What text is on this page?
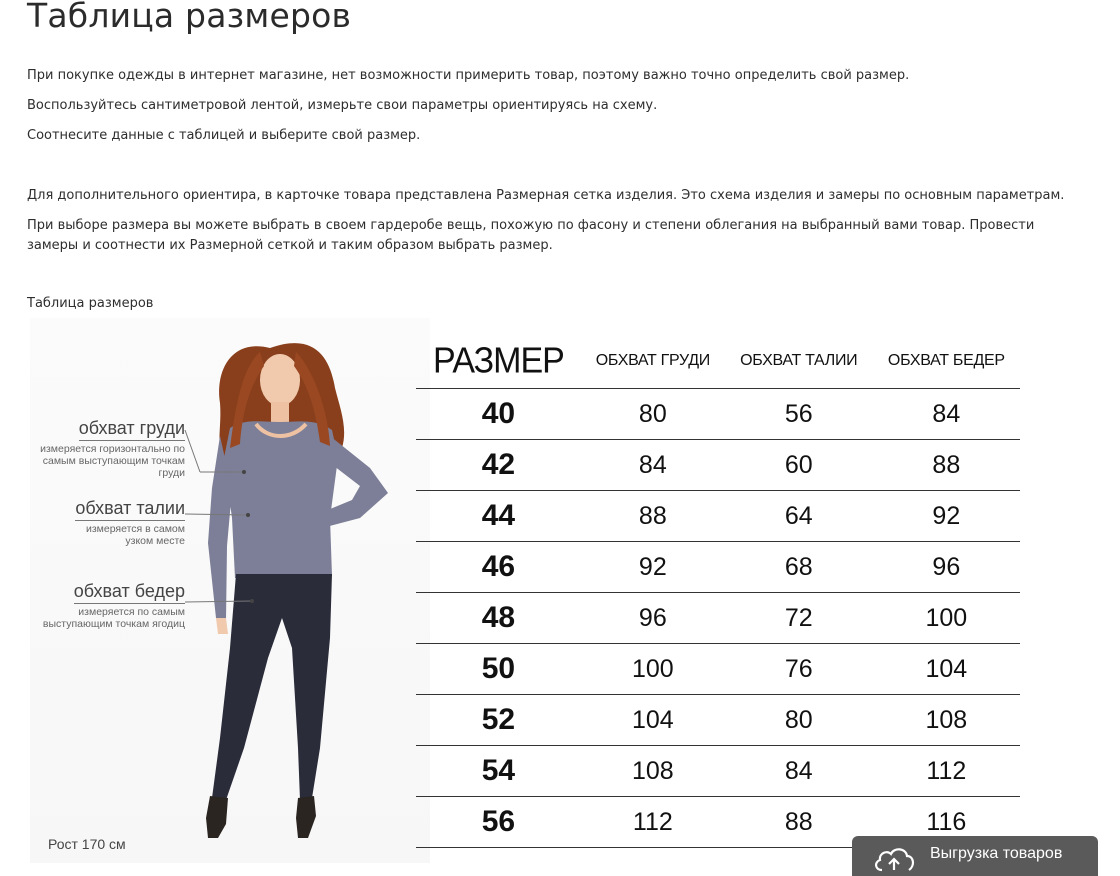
Таблица размеров
При покупке одежды в интернет магазине, нет возможности примерить товар, поэтому важно точно определить свой размер.
Воспользуйтесь сантиметровой лентой, измерьте свои параметры ориентируясь на схему.
Соотнесите данные с таблицей и выберите свой размер.
Для дополнительного ориентира, в карточке товара представлена Размерная сетка изделия. Это схема изделия и замеры по основным параметрам.
При выборе размера вы можете выбрать в своем гардеробе вещь, похожую по фасону и степени облегания на выбранный вами товар. Провести замеры и соотнести их Размерной сеткой и таким образом выбрать размер.
Таблица размеров
обхват груди
измеряется горизонтально по самым выступающим точкам груди
обхват талии
измеряется в самом узком месте
обхват бедер
измеряется по самым выступающим точкам ягодиц
Рост 170 см
РАЗМЕР	ОБХВАТ ГРУДИ	ОБХВАТ ТАЛИИ	ОБХВАТ БЕДЕР
40	80	56	84
42	84	60	88
44	88	64	92
46	92	68	96
48	96	72	100
50	100	76	104
52	104	80	108
54	108	84	112
56	112	88	116
Выгрузка товаров
